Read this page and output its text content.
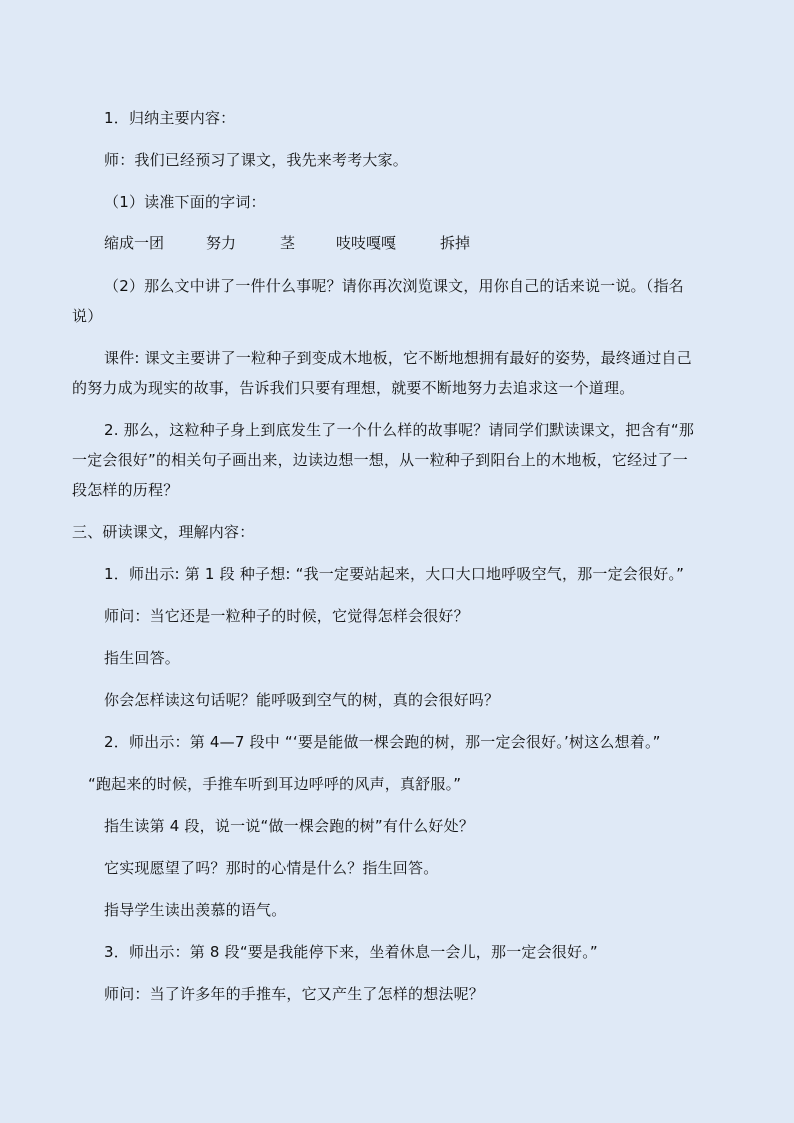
1．归纳主要内容：
师：我们已经预习了课文，我先来考考大家。
（1）读准下面的字词：
缩成一团	努力	茎	吱吱嘎嘎	拆掉
（2）那么文中讲了一件什么事呢？请你再次浏览课文，用你自己的话来说一说。（指名
说）
课件: 课文主要讲了一粒种子到变成木地板，它不断地想拥有最好的姿势，最终通过自己
的努力成为现实的故事，告诉我们只要有理想，就要不断地努力去追求这一个道理。
2. 那么，这粒种子身上到底发生了一个什么样的故事呢？请同学们默读课文，把含有“那
一定会很好”的相关句子画出来，边读边想一想，从一粒种子到阳台上的木地板，它经过了一
段怎样的历程？
三、研读课文，理解内容：
1．师出示: 第 1 段 种子想: “我一定要站起来，大口大口地呼吸空气，那一定会很好。”
师问：当它还是一粒种子的时候，它觉得怎样会很好？
指生回答。
你会怎样读这句话呢？能呼吸到空气的树，真的会很好吗？
2．师出示：第 4—7 段中 “‘要是能做一棵会跑的树，那一定会很好。’树这么想着。”
“跑起来的时候，手推车听到耳边呼呼的风声，真舒服。”
指生读第 4 段，说一说“做一棵会跑的树”有什么好处？
它实现愿望了吗？那时的心情是什么？指生回答。
指导学生读出羡慕的语气。
3．师出示：第 8 段“要是我能停下来，坐着休息一会儿，那一定会很好。”
师问：当了许多年的手推车，它又产生了怎样的想法呢？
